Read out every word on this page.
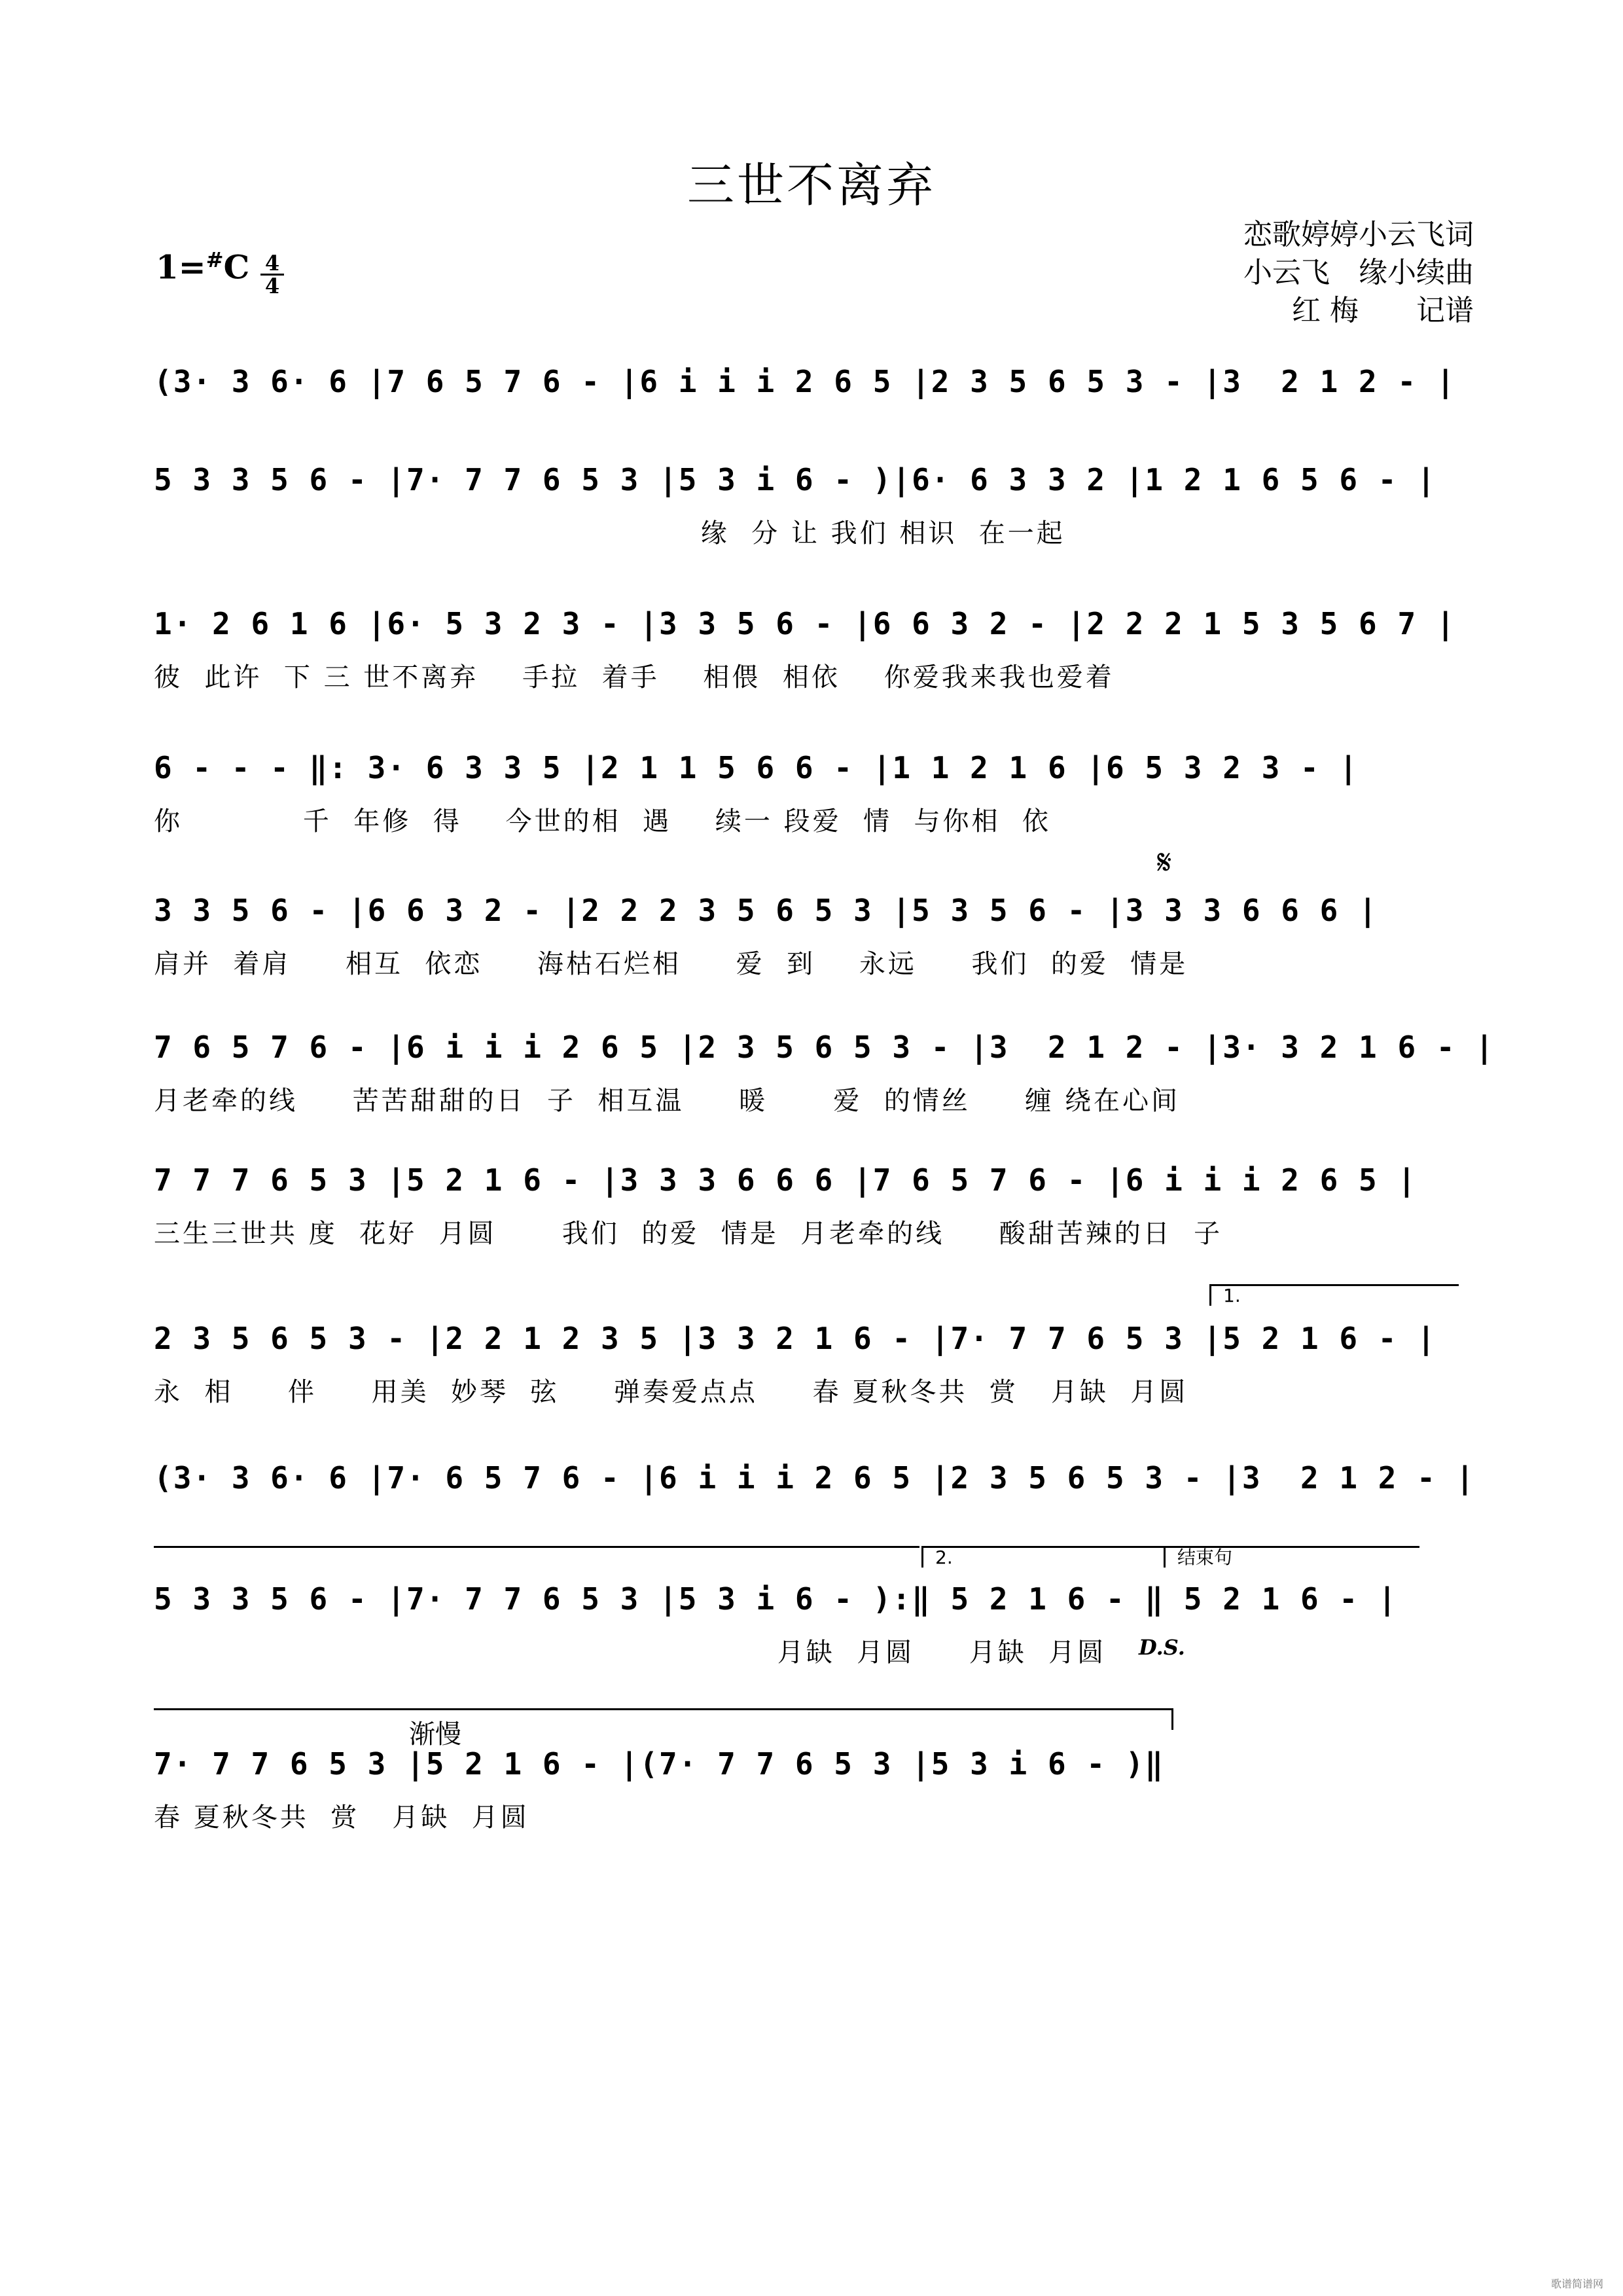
三世不离弃
恋歌婷婷小云飞词
小云飞　缘小续曲
红 梅　　记谱
$1=^{\#}C \frac{4}{4}$
(3· 3 6· 6 |7 6 5 7 6 - |6 i i i 2 6 5 |2 3 5 6 5 3 - |3  2 1 2 - |
5 3 3 5 6 - |7· 7 7 6 5 3 |5 3 i 6 - )|6· 6 3 3 2 |1 2 1 6 5 6 - |
缘  分 让 我们 相识  在一起
1· 2 6 1 6 |6· 5 3 2 3 - |3 3 5 6 - |6 6 3 2 - |2 2 2 1 5 3 5 6 7 |
彼  此许  下 三 世不离弃    手拉  着手    相偎  相依    你爱我来我也爱着
6 - - - ‖: 3· 6 3 3 5 |2 1 1 5 6 6 - |1 1 2 1 6 |6 5 3 2 3 - |
你           千  年修  得    今世的相  遇    续一 段爱  情  与你相  依
𝄋
3 3 5 6 - |6 6 3 2 - |2 2 2 3 5 6 5 3 |5 3 5 6 - |3 3 3 6 6 6 |
肩并  着肩     相互  依恋     海枯石烂相     爱  到    永远     我们  的爱  情是
7 6 5 7 6 - |6 i i i 2 6 5 |2 3 5 6 5 3 - |3  2 1 2 - |3· 3 2 1 6 - |
月老牵的线     苦苦甜甜的日  子  相互温     暖      爱  的情丝     缠 绕在心间
7 7 7 6 5 3 |5 2 1 6 - |3 3 3 6 6 6 |7 6 5 7 6 - |6 i i i 2 6 5 |
三生三世共 度  花好  月圆      我们  的爱  情是  月老牵的线     酸甜苦辣的日  子
1.
2 3 5 6 5 3 - |2 2 1 2 3 5 |3 3 2 1 6 - |7· 7 7 6 5 3 |5 2 1 6 - |
永  相     伴     用美  妙琴  弦     弹奏爱点点     春 夏秋冬共  赏   月缺  月圆
(3· 3 6· 6 |7· 6 5 7 6 - |6 i i i 2 6 5 |2 3 5 6 5 3 - |3  2 1 2 - |
2.	结束句
5 3 3 5 6 - |7· 7 7 6 5 3 |5 3 i 6 - ):‖ 5 2 1 6 - ‖ 5 2 1 6 - |
月缺  月圆     月缺  月圆	D.S.
渐慢
7· 7 7 6 5 3 |5 2 1 6 - |(7· 7 7 6 5 3 |5 3 i 6 - )‖
春 夏秋冬共  赏   月缺  月圆
歌谱简谱网
